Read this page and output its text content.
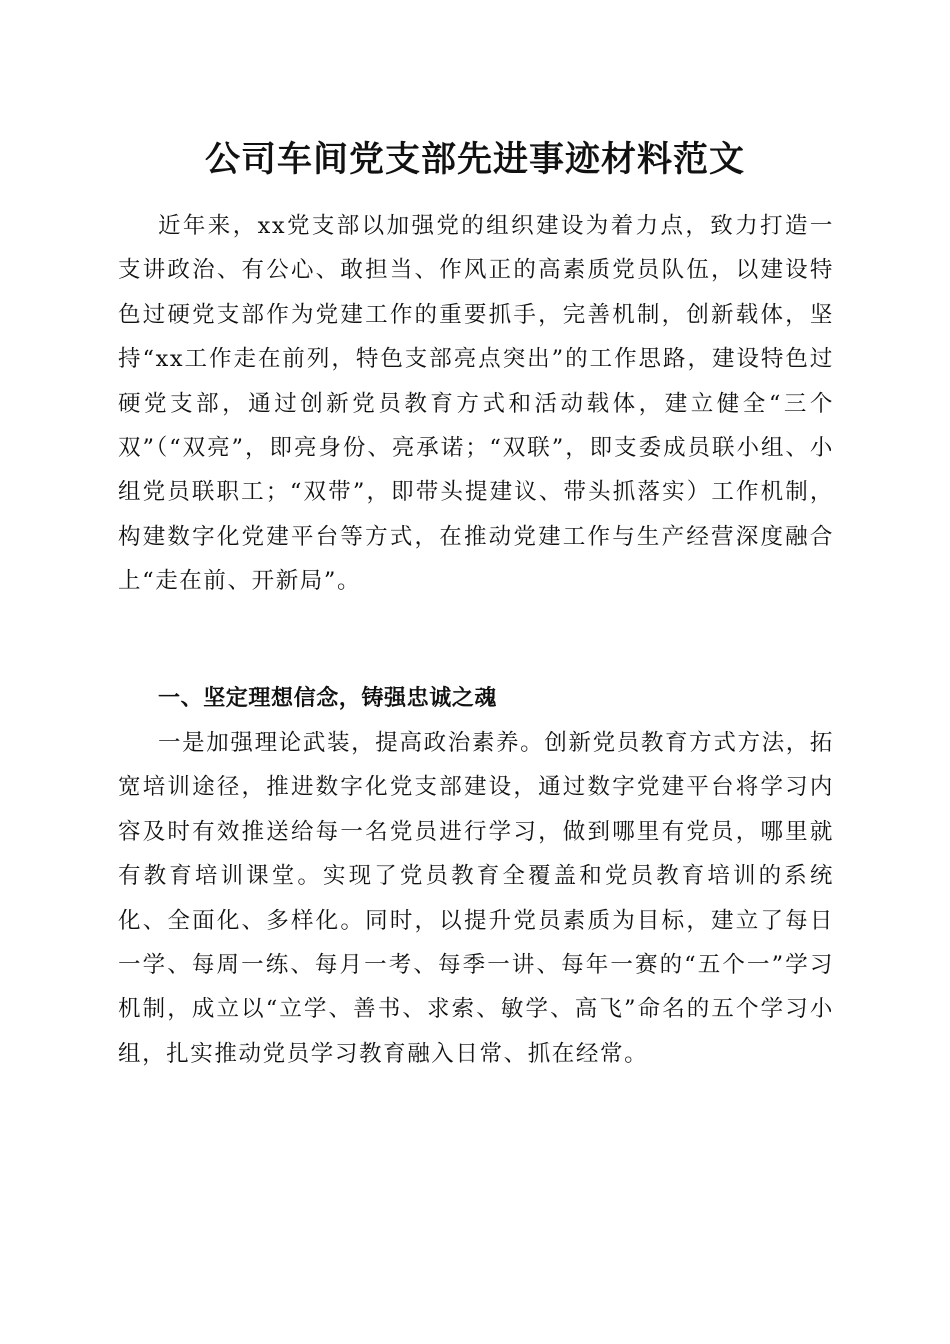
公司车间党支部先进事迹材料范文

近年来，xx党支部以加强党的组织建设为着力点，致力打造一支讲政治、有公心、敢担当、作风正的高素质党员队伍，以建设特色过硬党支部作为党建工作的重要抓手，完善机制，创新载体，坚持“xx工作走在前列，特色支部亮点突出”的工作思路，建设特色过硬党支部，通过创新党员教育方式和活动载体，建立健全“三个双”（“双亮”，即亮身份、亮承诺；“双联”，即支委成员联小组、小组党员联职工；“双带”，即带头提建议、带头抓落实）工作机制，构建数字化党建平台等方式，在推动党建工作与生产经营深度融合上“走在前、开新局”。

一、坚定理想信念，铸强忠诚之魂

一是加强理论武装，提高政治素养。创新党员教育方式方法，拓宽培训途径，推进数字化党支部建设，通过数字党建平台将学习内容及时有效推送给每一名党员进行学习，做到哪里有党员，哪里就有教育培训课堂。实现了党员教育全覆盖和党员教育培训的系统化、全面化、多样化。同时，以提升党员素质为目标，建立了每日一学、每周一练、每月一考、每季一讲、每年一赛的“五个一”学习机制，成立以“立学、善书、求索、敏学、高飞”命名的五个学习小组，扎实推动党员学习教育融入日常、抓在经常。
